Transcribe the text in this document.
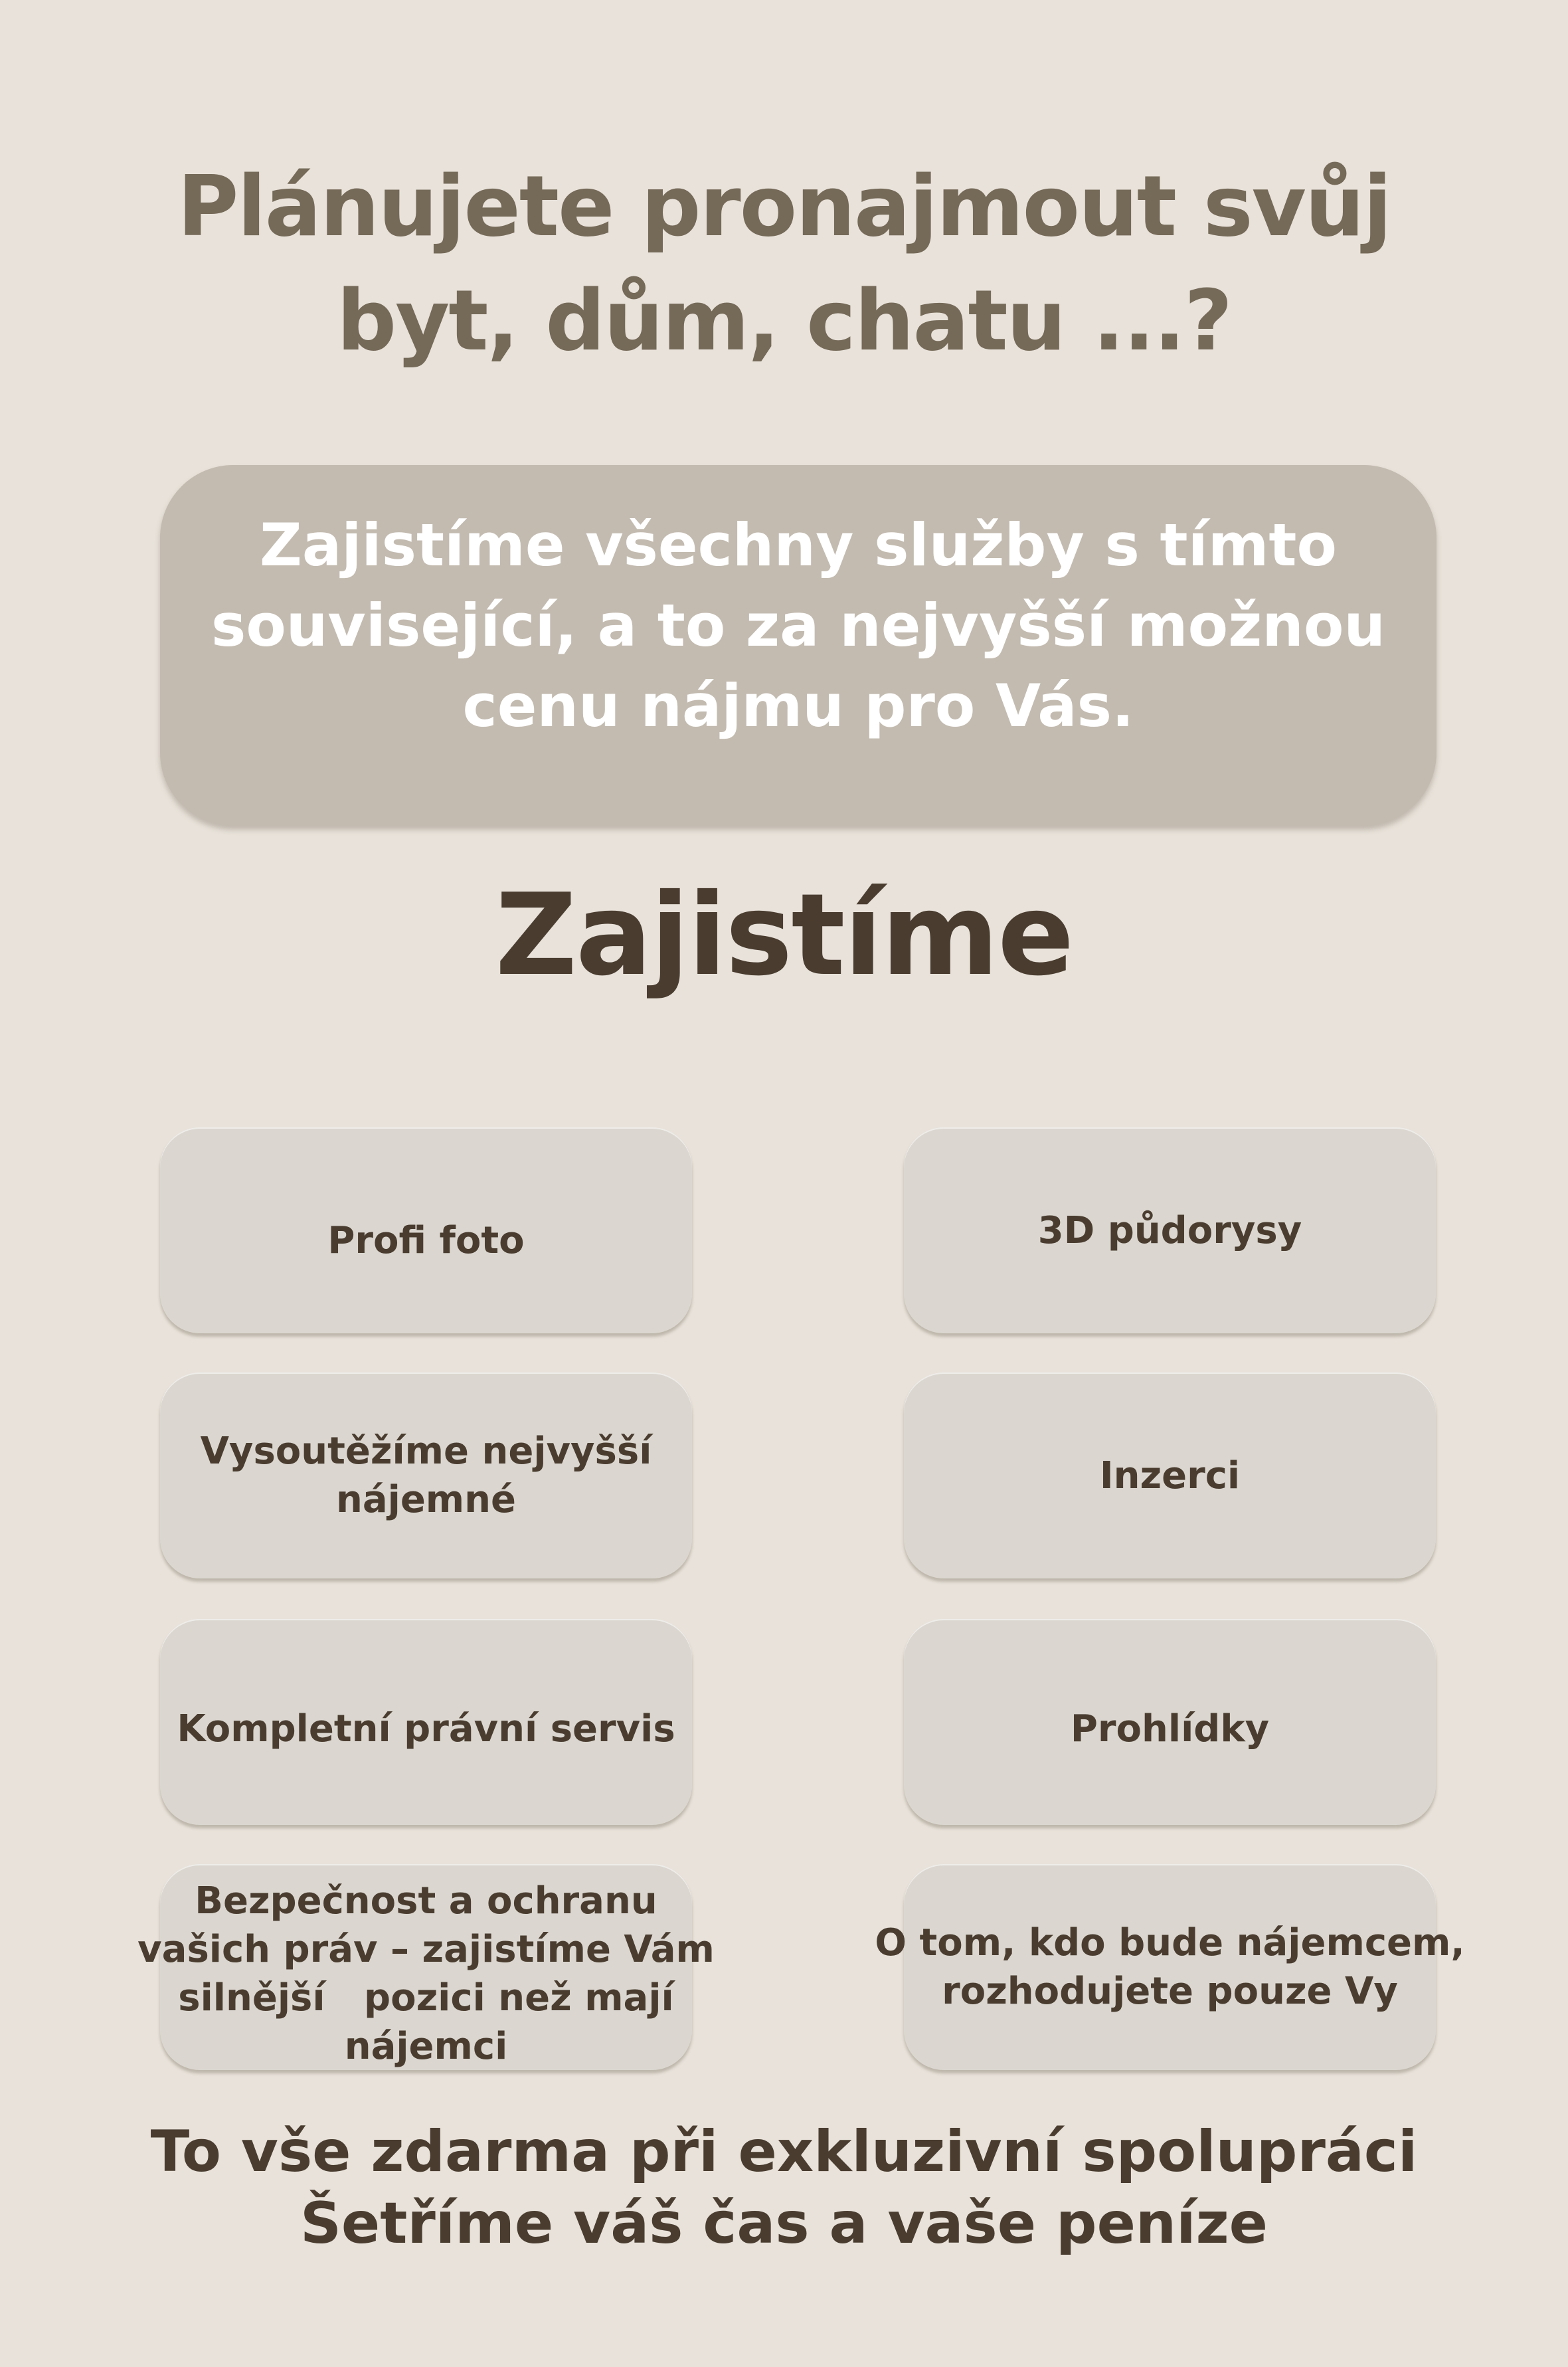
Plánujete pronajmout svůj
byt, dům, chatu ...?
Zajistíme všechny služby s tímto
související, a to za nejvyšší možnou
cenu nájmu pro Vás.
Zajistíme
Profi foto	3D půdorysy
Vysoutěžíme nejvyšší
nájemné
Inzerci
Kompletní právní servis	Prohlídky
Bezpečnost a ochranu
vašich práv – zajistíme Vám
silnější   pozici než mají
nájemci
O tom, kdo bude nájemcem,
rozhodujete pouze Vy
To vše zdarma při exkluzivní spolupráci
Šetříme váš čas a vaše peníze
